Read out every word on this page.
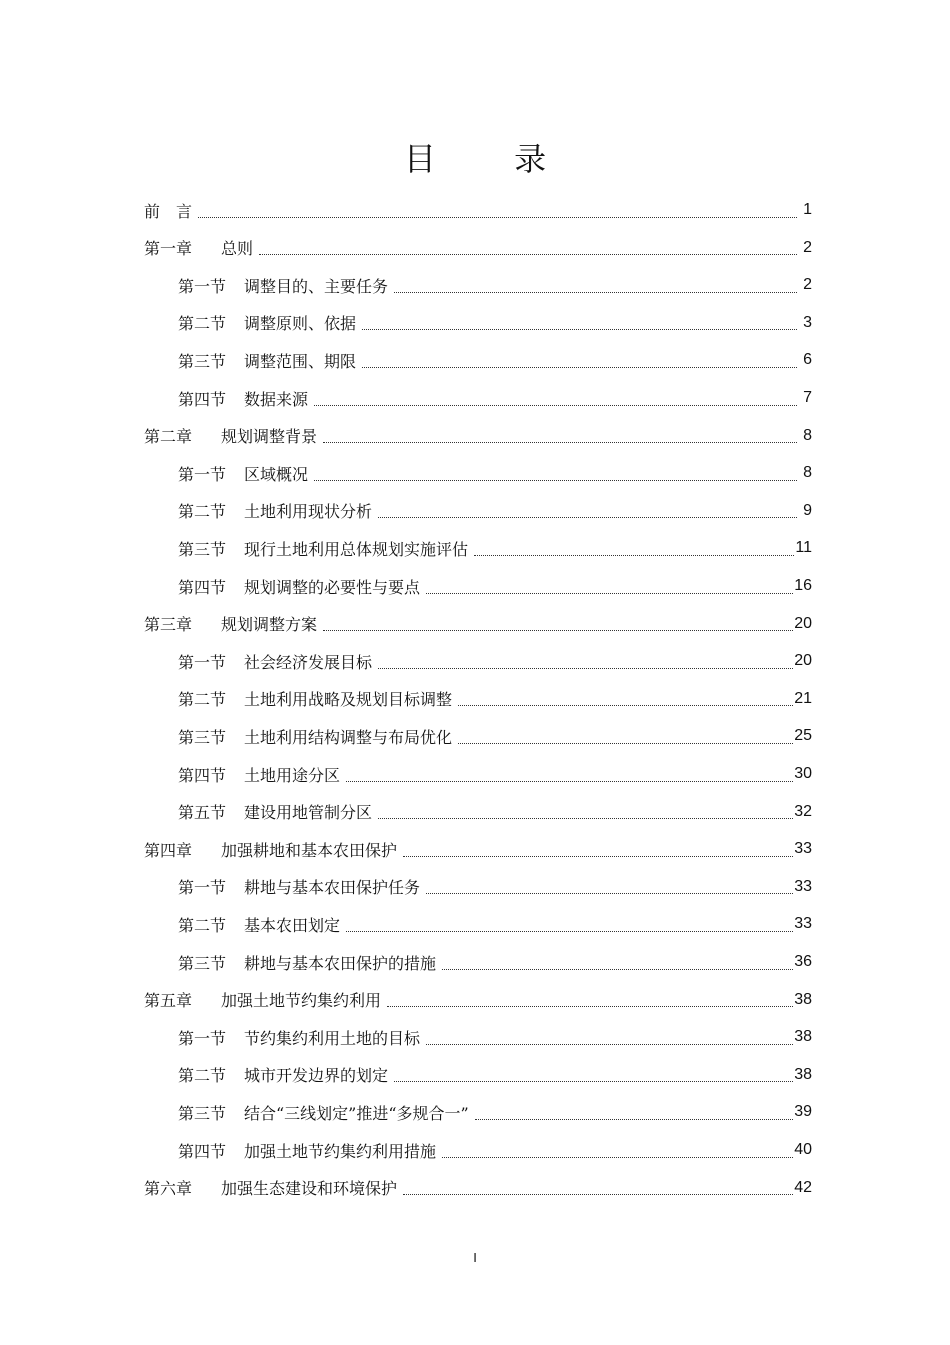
目 录
前　言	1
第一章	总则	2
第一节	调整目的、主要任务	2
第二节	调整原则、依据	3
第三节	调整范围、期限	6
第四节	数据来源	7
第二章	规划调整背景	8
第一节	区域概况	8
第二节	土地利用现状分析	9
第三节	现行土地利用总体规划实施评估	11
第四节	规划调整的必要性与要点	16
第三章	规划调整方案	20
第一节	社会经济发展目标	20
第二节	土地利用战略及规划目标调整	21
第三节	土地利用结构调整与布局优化	25
第四节	土地用途分区	30
第五节	建设用地管制分区	32
第四章	加强耕地和基本农田保护	33
第一节	耕地与基本农田保护任务	33
第二节	基本农田划定	33
第三节	耕地与基本农田保护的措施	36
第五章	加强土地节约集约利用	38
第一节	节约集约利用土地的目标	38
第二节	城市开发边界的划定	38
第三节	结合“三线划定”推进“多规合一”	39
第四节	加强土地节约集约利用措施	40
第六章	加强生态建设和环境保护	42
I
